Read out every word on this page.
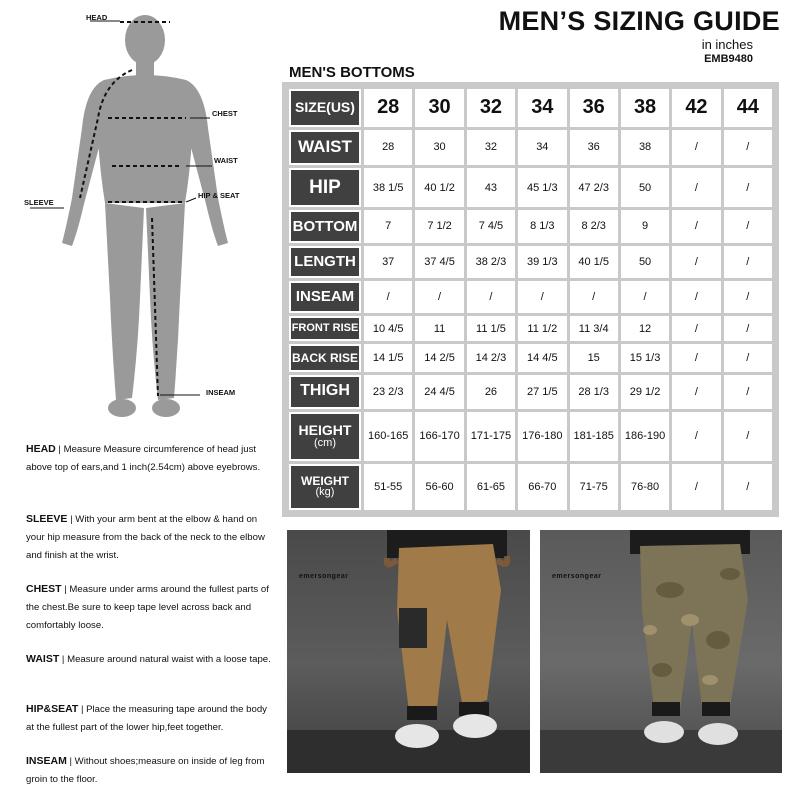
MEN’S SIZING GUIDE
in inches
EMB9480
MEN'S BOTTOMS
HEAD
CHEST
WAIST
HIP & SEAT
SLEEVE
INSEAM
SIZE(US)	28	30	32	34	36	38	42	44

WAIST	28	30	32	34	36	38	/	/

HIP	38 1/5	40 1/2	43	45 1/3	47 2/3	50	/	/

BOTTOM	7	7 1/2	7 4/5	8 1/3	8 2/3	9	/	/

LENGTH	37	37 4/5	38 2/3	39 1/3	40 1/5	50	/	/

INSEAM	/	/	/	/	/	/	/	/

FRONT RISE	10 4/5	11	11 1/5	11 1/2	11 3/4	12	/	/

BACK RISE	14 1/5	14 2/5	14 2/3	14 4/5	15	15 1/3	/	/

THIGH	23 2/3	24 4/5	26	27 1/5	28 1/3	29 1/2	/	/

HEIGHT
(cm)	160-165	166-170	171-175	176-180	181-185	186-190	/	/

WEIGHT
(kg)	51-55	56-60	61-65	66-70	71-75	76-80	/	/
HEAD | Measure Measure circumference of head just above top of ears,and 1 inch(2.54cm) above eyebrows.
SLEEVE | With your arm bent at the elbow & hand on your hip measure from the back of the neck to the elbow and finish at the wrist.
CHEST | Measure under arms around the fullest parts of the chest.Be sure to keep tape level across back and comfortably loose.
WAIST | Measure around natural waist with a loose tape.
HIP&SEAT | Place the measuring tape around the body at the fullest part of the lower hip,feet together.
INSEAM | Without shoes;measure on inside of leg from groin to the floor.
emersongear	emersongear
